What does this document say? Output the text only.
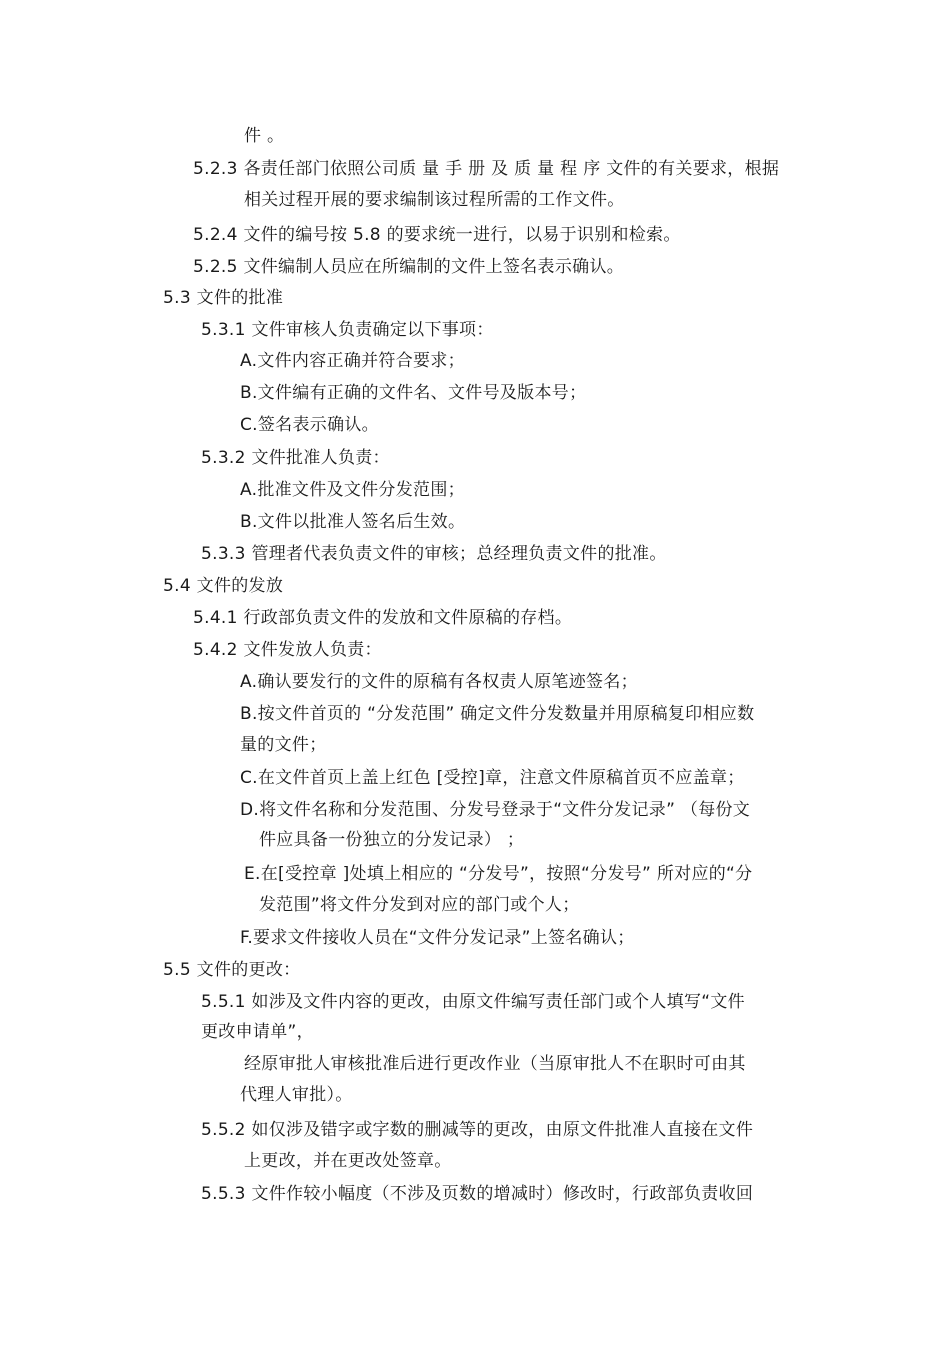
件 。
5.2.3 各责任部门依照公司质 量 手 册 及 质 量 程 序 文件的有关要求，根据
相关过程开展的要求编制该过程所需的工作文件。
5.2.4 文件的编号按 5.8 的要求统一进行，以易于识别和检索。
5.2.5 文件编制人员应在所编制的文件上签名表示确认。
5.3 文件的批准
5.3.1 文件审核人负责确定以下事项：
A.文件内容正确并符合要求；
B.文件编有正确的文件名、文件号及版本号；
C.签名表示确认。
5.3.2 文件批准人负责：
A.批准文件及文件分发范围；
B.文件以批准人签名后生效。
5.3.3 管理者代表负责文件的审核；总经理负责文件的批准。
5.4 文件的发放
5.4.1 行政部负责文件的发放和文件原稿的存档。
5.4.2 文件发放人负责：
A.确认要发行的文件的原稿有各权责人原笔迹签名；
B.按文件首页的 “分发范围” 确定文件分发数量并用原稿复印相应数
量的文件；
C.在文件首页上盖上红色 [受控]章，注意文件原稿首页不应盖章；
D.将文件名称和分发范围、分发号登录于“文件分发记录” （每份文
件应具备一份独立的分发记录） ；
E.在[受控章 ]处填上相应的 “分发号”，按照“分发号” 所对应的“分
发范围”将文件分发到对应的部门或个人；
F.要求文件接收人员在“文件分发记录”上签名确认；
5.5 文件的更改：
5.5.1 如涉及文件内容的更改，由原文件编写责任部门或个人填写“文件
更改申请单”，
经原审批人审核批准后进行更改作业（当原审批人不在职时可由其
代理人审批）。
5.5.2 如仅涉及错字或字数的删减等的更改，由原文件批准人直接在文件
上更改，并在更改处签章。
5.5.3 文件作较小幅度（不涉及页数的增减时）修改时，行政部负责收回
